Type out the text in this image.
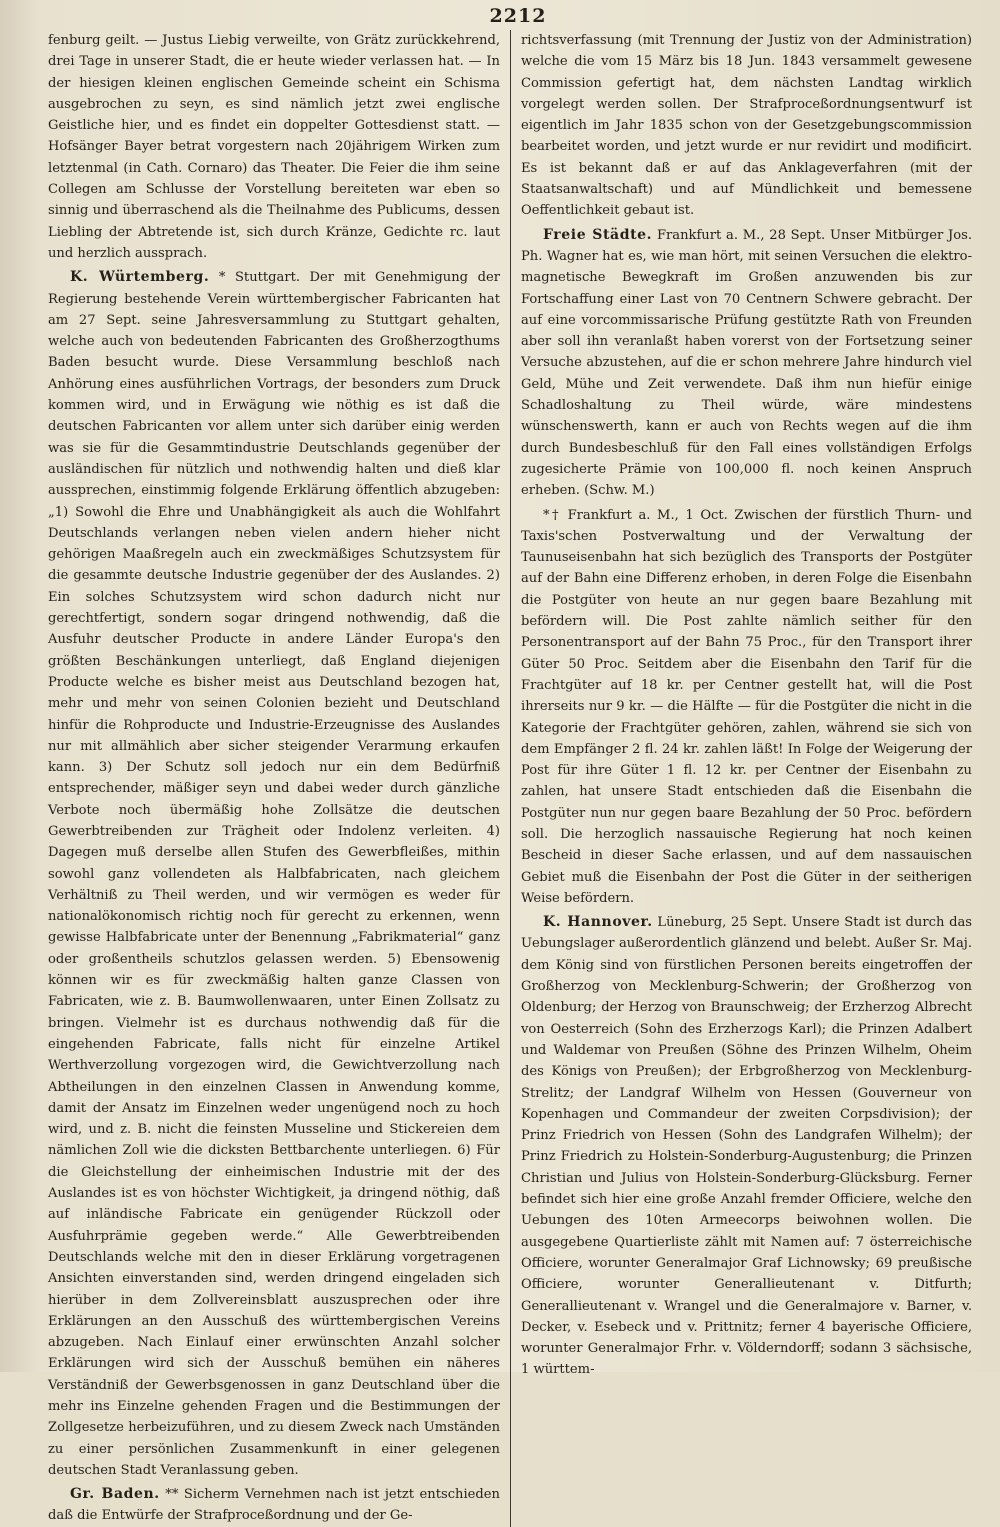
2212

fenburg geilt. — Justus Liebig verweilte, von Grätz zurückkehrend, drei Tage in unserer Stadt, die er heute wieder verlassen hat. — In der hiesigen kleinen englischen Gemeinde scheint ein Schisma ausgebrochen zu seyn, es sind nämlich jetzt zwei englische Geistliche hier, und es findet ein doppelter Gottesdienst statt. — Hofsänger Bayer betrat vorgestern nach 20jährigem Wirken zum letztenmal (in Cath. Cornaro) das Theater. Die Feier die ihm seine Collegen am Schlusse der Vorstellung bereiteten war eben so sinnig und überraschend als die Theilnahme des Publicums, dessen Liebling der Abtretende ist, sich durch Kränze, Gedichte rc. laut und herzlich aussprach.

K. Würtemberg. * Stuttgart. Der mit Genehmigung der Regierung bestehende Verein württembergischer Fabricanten hat am 27 Sept. seine Jahresversammlung zu Stuttgart gehalten, welche auch von bedeutenden Fabricanten des Großherzogthums Baden besucht wurde. Diese Versammlung beschloß nach Anhörung eines ausführlichen Vortrags, der besonders zum Druck kommen wird, und in Erwägung wie nöthig es ist daß die deutschen Fabricanten vor allem unter sich darüber einig werden was sie für die Gesammtindustrie Deutschlands gegenüber der ausländischen für nützlich und nothwendig halten und dieß klar aussprechen, einstimmig folgende Erklärung öffentlich abzugeben: „1) Sowohl die Ehre und Unabhängigkeit als auch die Wohlfahrt Deutschlands verlangen neben vielen andern hieher nicht gehörigen Maaßregeln auch ein zweckmäßiges Schutzsystem für die gesammte deutsche Industrie gegenüber der des Auslandes. 2) Ein solches Schutzsystem wird schon dadurch nicht nur gerechtfertigt, sondern sogar dringend nothwendig, daß die Ausfuhr deutscher Producte in andere Länder Europa's den größten Beschänkungen unterliegt, daß England diejenigen Producte welche es bisher meist aus Deutschland bezogen hat, mehr und mehr von seinen Colonien bezieht und Deutschland hinfür die Rohproducte und Industrie-Erzeugnisse des Auslandes nur mit allmählich aber sicher steigender Verarmung erkaufen kann. 3) Der Schutz soll jedoch nur ein dem Bedürfniß entsprechender, mäßiger seyn und dabei weder durch gänzliche Verbote noch übermäßig hohe Zollsätze die deutschen Gewerbtreibenden zur Trägheit oder Indolenz verleiten. 4) Dagegen muß derselbe allen Stufen des Gewerbfleißes, mithin sowohl ganz vollendeten als Halbfabricaten, nach gleichem Verhältniß zu Theil werden, und wir vermögen es weder für nationalökonomisch richtig noch für gerecht zu erkennen, wenn gewisse Halbfabricate unter der Benennung „Fabrikmaterial“ ganz oder großentheils schutzlos gelassen werden. 5) Ebensowenig können wir es für zweckmäßig halten ganze Classen von Fabricaten, wie z. B. Baumwollenwaaren, unter Einen Zollsatz zu bringen. Vielmehr ist es durchaus nothwendig daß für die eingehenden Fabricate, falls nicht für einzelne Artikel Werthverzollung vorgezogen wird, die Gewichtverzollung nach Abtheilungen in den einzelnen Classen in Anwendung komme, damit der Ansatz im Einzelnen weder ungenügend noch zu hoch wird, und z. B. nicht die feinsten Musseline und Stickereien dem nämlichen Zoll wie die dicksten Bettbarchente unterliegen. 6) Für die Gleichstellung der einheimischen Industrie mit der des Auslandes ist es von höchster Wichtigkeit, ja dringend nöthig, daß auf inländische Fabricate ein genügender Rückzoll oder Ausfuhrprämie gegeben werde.“ Alle Gewerbtreibenden Deutschlands welche mit den in dieser Erklärung vorgetragenen Ansichten einverstanden sind, werden dringend eingeladen sich hierüber in dem Zollvereinsblatt auszusprechen oder ihre Erklärungen an den Ausschuß des württembergischen Vereins abzugeben. Nach Einlauf einer erwünschten Anzahl solcher Erklärungen wird sich der Ausschuß bemühen ein näheres Verständniß der Gewerbsgenossen in ganz Deutschland über die mehr ins Einzelne gehenden Fragen und die Bestimmungen der Zollgesetze herbeizuführen, und zu diesem Zweck nach Umständen zu einer persönlichen Zusammenkunft in einer gelegenen deutschen Stadt Veranlassung geben.

Gr. Baden. ** Sicherm Vernehmen nach ist jetzt entschieden daß die Entwürfe der Strafproceßordnung und der Ge-

richtsverfassung (mit Trennung der Justiz von der Administration) welche die vom 15 März bis 18 Jun. 1843 versammelt gewesene Commission gefertigt hat, dem nächsten Landtag wirklich vorgelegt werden sollen. Der Strafproceßordnungsentwurf ist eigentlich im Jahr 1835 schon von der Gesetzgebungscommission bearbeitet worden, und jetzt wurde er nur revidirt und modificirt. Es ist bekannt daß er auf das Anklageverfahren (mit der Staatsanwaltschaft) und auf Mündlichkeit und bemessene Oeffentlichkeit gebaut ist.

Freie Städte. Frankfurt a. M., 28 Sept. Unser Mitbürger Jos. Ph. Wagner hat es, wie man hört, mit seinen Versuchen die elektro-magnetische Bewegkraft im Großen anzuwenden bis zur Fortschaffung einer Last von 70 Centnern Schwere gebracht. Der auf eine vorcommissarische Prüfung gestützte Rath von Freunden aber soll ihn veranlaßt haben vorerst von der Fortsetzung seiner Versuche abzustehen, auf die er schon mehrere Jahre hindurch viel Geld, Mühe und Zeit verwendete. Daß ihm nun hiefür einige Schadloshaltung zu Theil würde, wäre mindestens wünschenswerth, kann er auch von Rechts wegen auf die ihm durch Bundesbeschluß für den Fall eines vollständigen Erfolgs zugesicherte Prämie von 100,000 fl. noch keinen Anspruch erheben. (Schw. M.)

*† Frankfurt a. M., 1 Oct. Zwischen der fürstlich Thurn- und Taxis'schen Postverwaltung und der Verwaltung der Taunuseisenbahn hat sich bezüglich des Transports der Postgüter auf der Bahn eine Differenz erhoben, in deren Folge die Eisenbahn die Postgüter von heute an nur gegen baare Bezahlung mit befördern will. Die Post zahlte nämlich seither für den Personentransport auf der Bahn 75 Proc., für den Transport ihrer Güter 50 Proc. Seitdem aber die Eisenbahn den Tarif für die Frachtgüter auf 18 kr. per Centner gestellt hat, will die Post ihrerseits nur 9 kr. — die Hälfte — für die Postgüter die nicht in die Kategorie der Frachtgüter gehören, zahlen, während sie sich von dem Empfänger 2 fl. 24 kr. zahlen läßt! In Folge der Weigerung der Post für ihre Güter 1 fl. 12 kr. per Centner der Eisenbahn zu zahlen, hat unsere Stadt entschieden daß die Eisenbahn die Postgüter nun nur gegen baare Bezahlung der 50 Proc. befördern soll. Die herzoglich nassauische Regierung hat noch keinen Bescheid in dieser Sache erlassen, und auf dem nassauischen Gebiet muß die Eisenbahn der Post die Güter in der seitherigen Weise befördern.

K. Hannover. Lüneburg, 25 Sept. Unsere Stadt ist durch das Uebungslager außerordentlich glänzend und belebt. Außer Sr. Maj. dem König sind von fürstlichen Personen bereits eingetroffen der Großherzog von Mecklenburg-Schwerin; der Großherzog von Oldenburg; der Herzog von Braunschweig; der Erzherzog Albrecht von Oesterreich (Sohn des Erzherzogs Karl); die Prinzen Adalbert und Waldemar von Preußen (Söhne des Prinzen Wilhelm, Oheim des Königs von Preußen); der Erbgroßherzog von Mecklenburg-Strelitz; der Landgraf Wilhelm von Hessen (Gouverneur von Kopenhagen und Commandeur der zweiten Corpsdivision); der Prinz Friedrich von Hessen (Sohn des Landgrafen Wilhelm); der Prinz Friedrich zu Holstein-Sonderburg-Augustenburg; die Prinzen Christian und Julius von Holstein-Sonderburg-Glücksburg. Ferner befindet sich hier eine große Anzahl fremder Officiere, welche den Uebungen des 10ten Armeecorps beiwohnen wollen. Die ausgegebene Quartierliste zählt mit Namen auf: 7 österreichische Officiere, worunter Generalmajor Graf Lichnowsky; 69 preußische Officiere, worunter Generallieutenant v. Ditfurth; Generallieutenant v. Wrangel und die Generalmajore v. Barner, v. Decker, v. Esebeck und v. Prittnitz; ferner 4 bayerische Officiere, worunter Generalmajor Frhr. v. Völderndorff; sodann 3 sächsische, 1 württem-
